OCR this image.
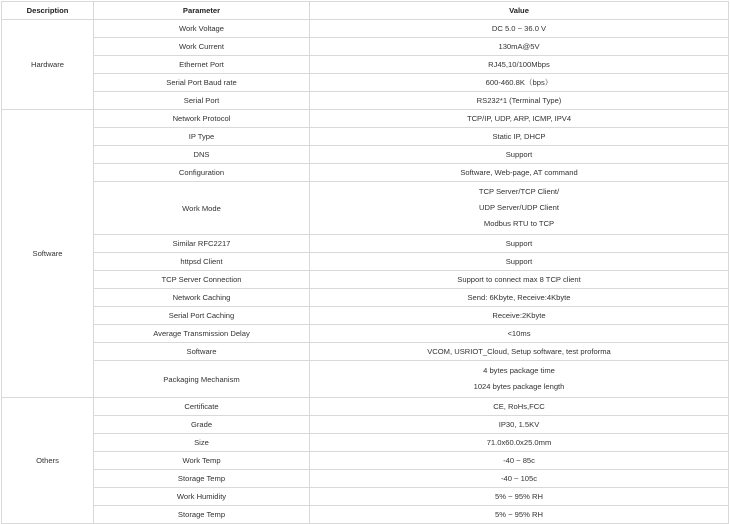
Description	Parameter	Value
Hardware	Work Voltage	DC 5.0 ~ 36.0 V
	Work Current	130mA@5V
	Ethernet Port	RJ45,10/100Mbps
	Serial Port Baud rate	600-460.8K（bps）
	Serial Port	RS232*1 (Terminal Type)
Software	Network Protocol	TCP/IP, UDP, ARP, ICMP, IPV4
	IP Type	Static IP, DHCP
	DNS	Support
	Configuration	Software, Web-page, AT command
	Work Mode	TCP Server/TCP Client/
UDP Server/UDP Client
Modbus RTU to TCP

	Similar RFC2217	Support
	httpsd Client	Support
	TCP Server Connection	Support to connect max 8 TCP client
	Network Caching	Send: 6Kbyte, Receive:4Kbyte
	Serial Port Caching	Receive:2Kbyte
	Average Transmission Delay	<10ms
	Software	VCOM, USRIOT_Cloud, Setup software, test proforma
	Packaging Mechanism	4 bytes package time
1024 bytes package length

Others	Certificate	CE, RoHs,FCC
	Grade	IP30, 1.5KV
	Size	71.0x60.0x25.0mm
	Work Temp	-40 ~ 85c
	Storage Temp	-40 ~ 105c
	Work Humidity	5% ~ 95% RH
	Storage Temp	5% ~ 95% RH
